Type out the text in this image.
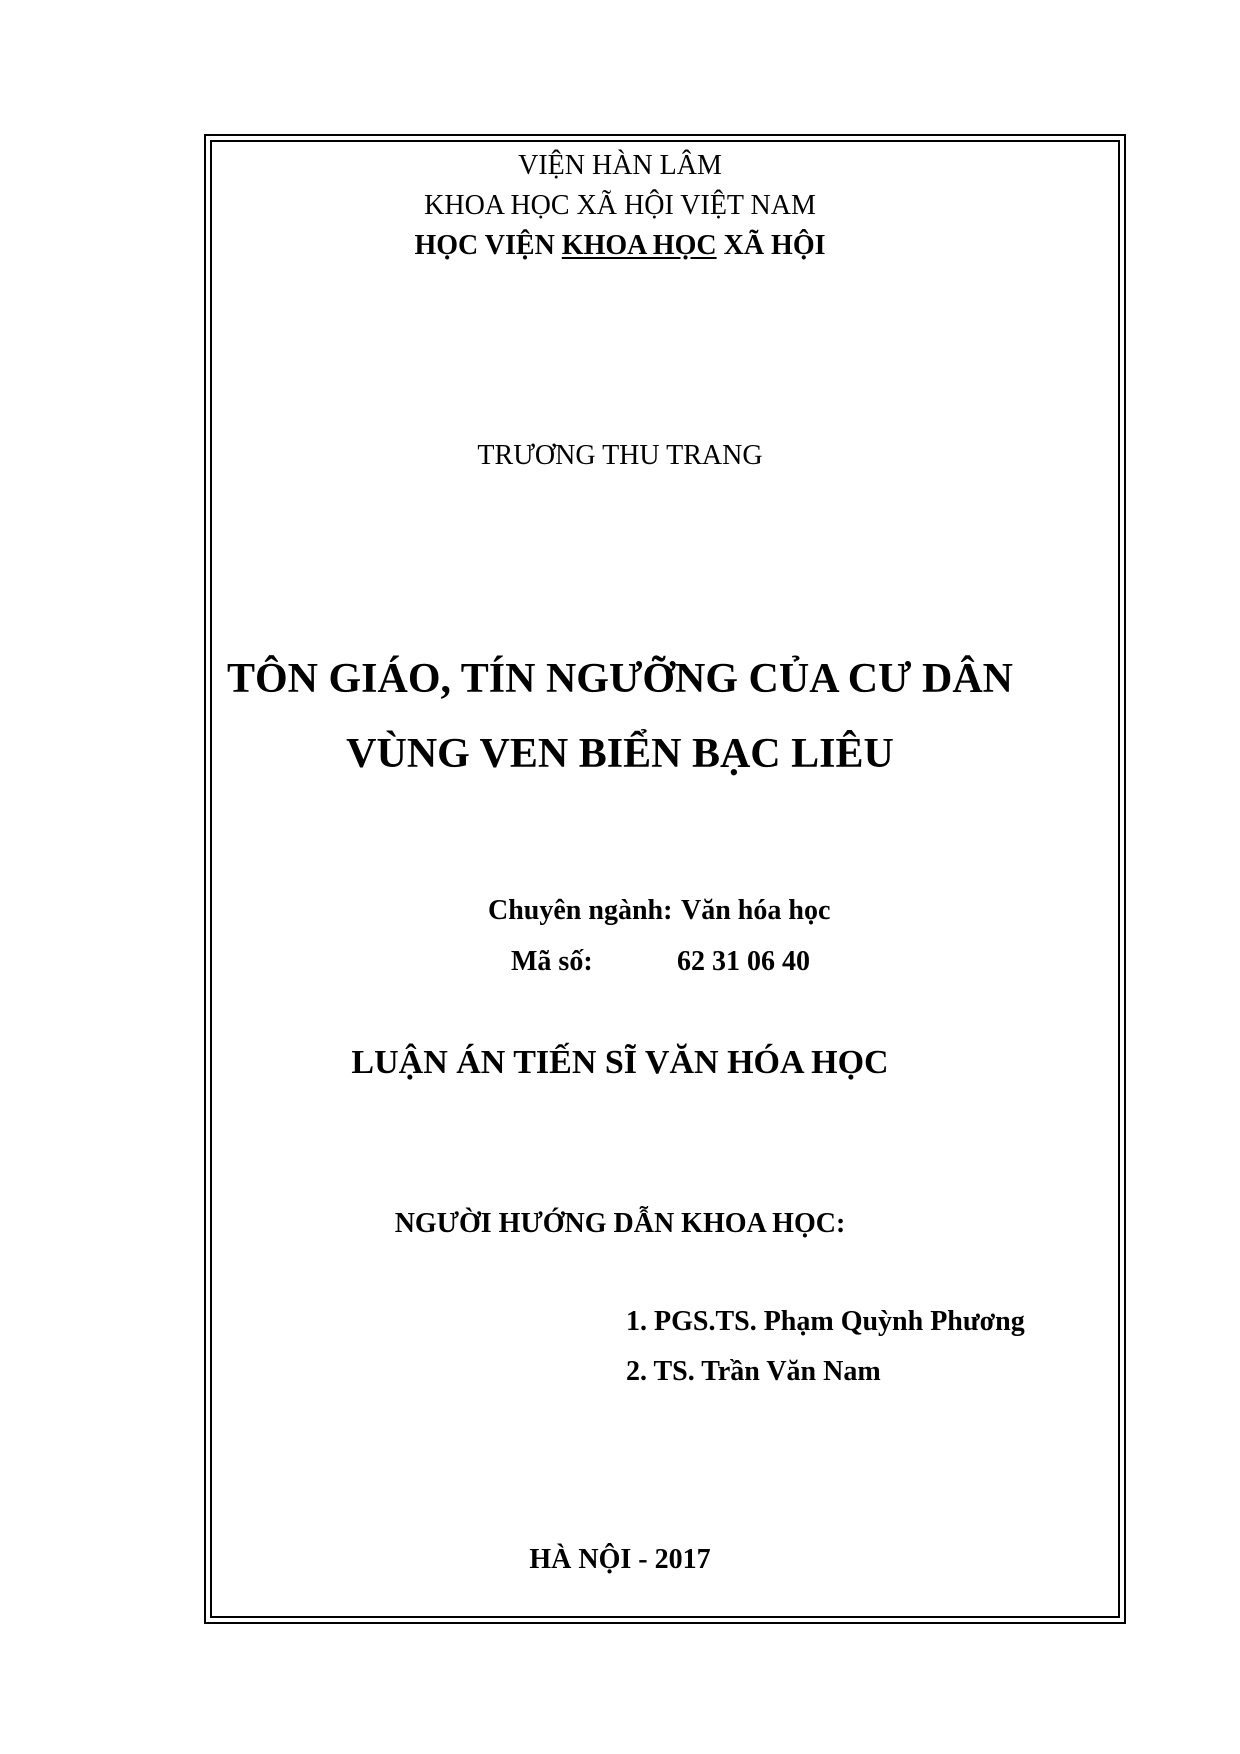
VIỆN HÀN LÂM
KHOA HỌC XÃ HỘI VIỆT NAM
HỌC VIỆN KHOA HỌC XÃ HỘI
TRƯƠNG THU TRANG
TÔN GIÁO, TÍN NGƯỠNG CỦA CƯ DÂN
VÙNG VEN BIỂN BẠC LIÊU
Chuyên ngành: Văn hóa học
Mã số:	62 31 06 40
LUẬN ÁN TIẾN SĨ VĂN HÓA HỌC
NGƯỜI HƯỚNG DẪN KHOA HỌC:
1. PGS.TS. Phạm Quỳnh Phương
2. TS. Trần Văn Nam
HÀ NỘI - 2017
